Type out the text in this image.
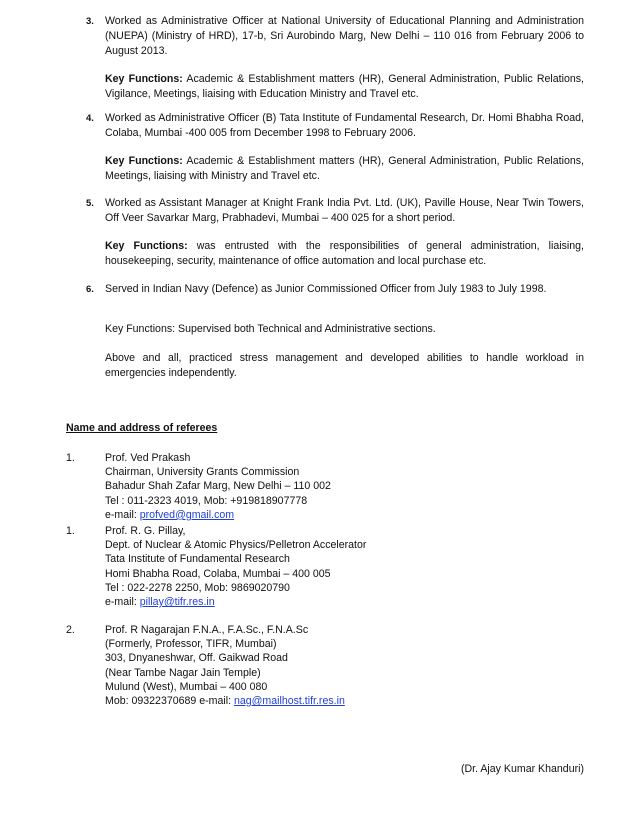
3. Worked as Administrative Officer at National University of Educational Planning and Administration (NUEPA) (Ministry of HRD), 17-b, Sri Aurobindo Marg, New Delhi – 110 016 from February 2006 to August 2013.
Key Functions: Academic & Establishment matters (HR), General Administration, Public Relations, Vigilance, Meetings, liaising with Education Ministry and Travel etc.
4. Worked as Administrative Officer (B) Tata Institute of Fundamental Research, Dr. Homi Bhabha Road, Colaba, Mumbai -400 005 from December 1998 to February 2006.
Key Functions: Academic & Establishment matters (HR), General Administration, Public Relations, Meetings, liaising with Ministry and Travel etc.
5. Worked as Assistant Manager at Knight Frank India Pvt. Ltd. (UK), Paville House, Near Twin Towers, Off Veer Savarkar Marg, Prabhadevi, Mumbai – 400 025 for a short period.
Key Functions: was entrusted with the responsibilities of general administration, liaising, housekeeping, security, maintenance of office automation and local purchase etc.
6. Served in Indian Navy (Defence) as Junior Commissioned Officer from July 1983 to July 1998.
Key Functions: Supervised both Technical and Administrative sections.
Above and all, practiced stress management and developed abilities to handle workload in emergencies independently.
Name and address of referees
1.	Prof. Ved Prakash
Chairman, University Grants Commission
Bahadur Shah Zafar Marg, New Delhi – 110 002
Tel : 011-2323 4019, Mob: +919818907778
e-mail: profved@gmail.com
1.	Prof. R. G. Pillay,
Dept. of Nuclear & Atomic Physics/Pelletron Accelerator
Tata Institute of Fundamental Research
Homi Bhabha Road, Colaba, Mumbai – 400 005
Tel : 022-2278 2250, Mob: 9869020790
e-mail: pillay@tifr.res.in
2.	Prof. R Nagarajan F.N.A., F.A.Sc., F.N.A.Sc
(Formerly, Professor, TIFR, Mumbai)
303, Dnyaneshwar, Off. Gaikwad Road
(Near Tambe Nagar Jain Temple)
Mulund (West), Mumbai – 400 080
Mob: 09322370689 e-mail: nag@mailhost.tifr.res.in
(Dr. Ajay Kumar Khanduri)
